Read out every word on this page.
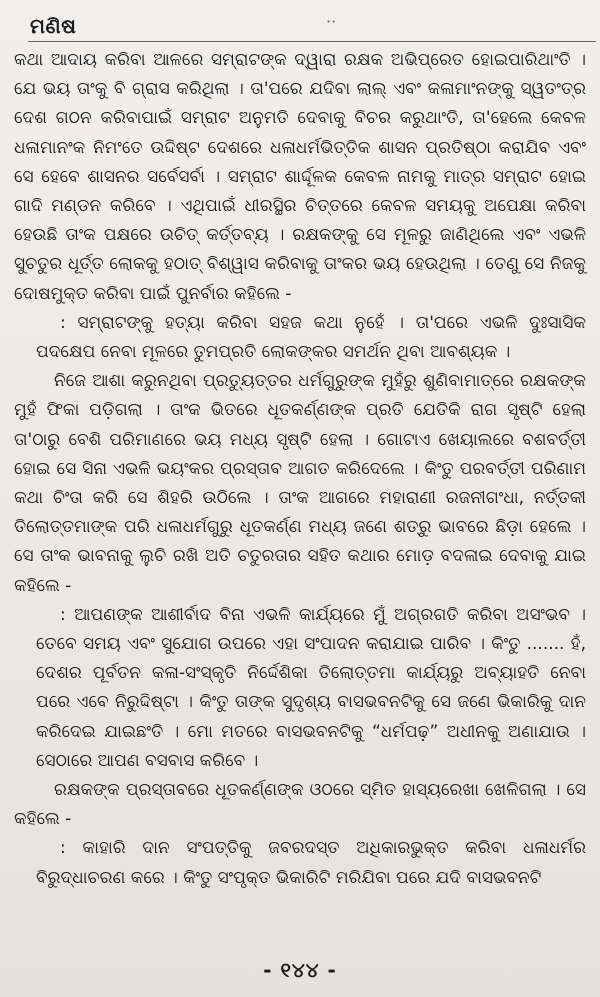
ମଣିଷ	··

କଥା ଆଦାୟ କରିବା ଆଳରେ ସମ୍ରାଟଙ୍କ ଦ୍ୱାରା ରକ୍ଷକ ଅଭିପ୍ରେତ ହୋଇପାରିଥାଂତି । ଯେ ଭୟ ତାଂକୁ ବି ଗ୍ରାସ କରିଥିଲା । ତା'ପରେ ଯଦିବା ଲାଲ୍ ଏବଂ କଳାମାଂନଙ୍କୁ ସ୍ୱତଂତ୍ର ଦେଶ ଗଠନ କରିବାପାଇଁ ସମ୍ରାଟ ଅନୁମତି ଦେବାକୁ ବିଚର କରୁଥାଂତି, ତା'ହେଲେ କେବଳ ଧଳାମାନଂକ ନିମଂତେ ଉଦ୍ଦିଷ୍ଟ ଦେଶରେ ଧଳାଧର୍ମଭିତ୍ତିକ ଶାସନ ପ୍ରତିଷ୍ଠା କରାଯିବ ଏବଂ ସେ ହେବେ ଶାସନର ସର୍ବେସର୍ବା । ସମ୍ରାଟ ଶାର୍ଦ୍ଦୂଳକ କେବଳ ନାମକୁ ମାତ୍ର ସମ୍ରାଟ ହୋଇ ଗାଦି ମଣ୍ଡନ କରିବେ । ଏଥିପାଇଁ ଧୀରସ୍ଥିର ଚିତ୍ତରେ କେବଳ ସମୟକୁ ଅପେକ୍ଷା କରିବା ହେଉଛି ତାଂକ ପକ୍ଷରେ ଉଚିତ୍ କର୍ତ୍ତବ୍ୟ । ରକ୍ଷକଙ୍କୁ ସେ ମୂଳରୁ ଜାଣିଥିଲେ ଏବଂ ଏଭଳି ସୁଚତୁର ଧୂର୍ତ୍ତ ଲୋକକୁ ହଠାତ୍ ବିଶ୍ୱାସ କରିବାକୁ ତାଂକର ଭୟ ହେଉଥିଲା । ତେଣୁ ସେ ନିଜକୁ ଦୋଷମୁକ୍ତ କରିବା ପାଇଁ ପୁନର୍ବାର କହିଲେ -

: ସମ୍ରାଟଙ୍କୁ ହତ୍ୟା କରିବା ସହଜ କଥା ନୁହେଁ । ତା'ପରେ ଏଭଳି ଦୁଃସାସିକ ପଦକ୍ଷେପ ନେବା ମୂଳରେ ତୁମପ୍ରତି ଲୋକଙ୍କର ସମର୍ଥନ ଥିବା ଆବଶ୍ୟକ ।

ନିଜେ ଆଶା କରୁନଥିବା ପ୍ରତ୍ୟୁତ୍ତର ଧର୍ମଗୁରୁଙ୍କ ମୁହଁରୁ ଶୁଣିବାମାତ୍ରେ ରକ୍ଷକଙ୍କ ମୁହଁ ଫିକା ପଡ଼ିଗଲା । ତାଂକ ଭିତରେ ଧୂତକର୍ଣ୍ଣଙ୍କ ପ୍ରତି ଯେତିକି ରାଗ ସୃଷ୍ଟି ହେଲା ତା'ଠାରୁ ବେଶି ପରିମାଣରେ ଭୟ ମଧ୍ୟ ସୃଷ୍ଟି ହେଲା । ଗୋଟାଏ ଖେୟାଲରେ ବଶବର୍ତ୍ତୀ ହୋଇ ସେ ସିନା ଏଭଳି ଭୟଂକର ପ୍ରସ୍ତାବ ଆଗତ କରିଦେଲେ । କିଂତୁ ପରବର୍ତ୍ତୀ ପରିଣାମ କଥା ଚିଂତା କରି ସେ ଶିହରି ଉଠିଲେ । ତାଂକ ଆଗରେ ମହାରାଣୀ ରଜନୀଗଂଧା, ନର୍ତ୍ତକୀ ତିଲୋତ୍ତମାଙ୍କ ପରି ଧଳାଧର୍ମଗୁରୁ ଧୂତକର୍ଣ୍ଣ ମଧ୍ୟ ଜଣେ ଶତ୍ରୁ ଭାବରେ ଛିଡ଼ା ହେଲେ । ସେ ତାଂକ ଭାବନାକୁ ଲୁଚି ରଖି ଅତି ଚତୁରତାର ସହିତ କଥାର ମୋଡ଼ ବଦଳାଇ ଦେବାକୁ ଯାଇ କହିଲେ -

: ଆପଣଙ୍କ ଆଶୀର୍ବାଦ ବିନା ଏଭଳି କାର୍ଯ୍ୟରେ ମୁଁ ଅଗ୍ରଗତି କରିବା ଅସଂଭବ । ତେବେ ସମୟ ଏବଂ ସୁଯୋଗ ଉପରେ ଏହା ସଂପାଦନ କରାଯାଇ ପାରିବ । କିଂତୁ ....... ହଁ, ଦେଶର ପୂର୍ବତନ କଳା-ସଂସ୍କୃତି ନିର୍ଦ୍ଦେଶିକା ତିଲୋତ୍ତମା କାର୍ଯ୍ୟରୁ ଅବ୍ୟାହତି ନେବା ପରେ ଏବେ ନିରୁଦ୍ଦିଷ୍ଟା । କିଂତୁ ତାଙ୍କ ସୁଦୃଶ୍ୟ ବାସଭବନଟିକୁ ସେ ଜଣେ ଭିକାରିକୁ ଦାନ କରିଦେଇ ଯାଇଛଂତି । ମୋ ମତରେ ବାସଭବନଟିକୁ “ଧର୍ମପଢ଼” ଅଧୀନକୁ ଅଣାଯାଉ । ସେଠାରେ ଆପଣ ବସବାସ କରିବେ ।

ରକ୍ଷକଙ୍କ ପ୍ରସ୍ତାବରେ ଧୂତକର୍ଣ୍ଣଙ୍କ ଓଠରେ ସ୍ମିତ ହାସ୍ୟରେଖା ଖେଳିଗଲା । ସେ କହିଲେ -

: କାହାରି ଦାନ ସଂପତ୍ତିକୁ ଜବରଦସ୍ତ ଅଧିକାରଭୁକ୍ତ କରିବା ଧଳାଧର୍ମର ବିରୁଦ୍ଧାଚରଣ କରେ । କିଂତୁ ସଂପୃକ୍ତ ଭିକାରିଟି ମରିଯିବା ପରେ ଯଦି ବାସଭବନଟି

- ୧୪୪ -
